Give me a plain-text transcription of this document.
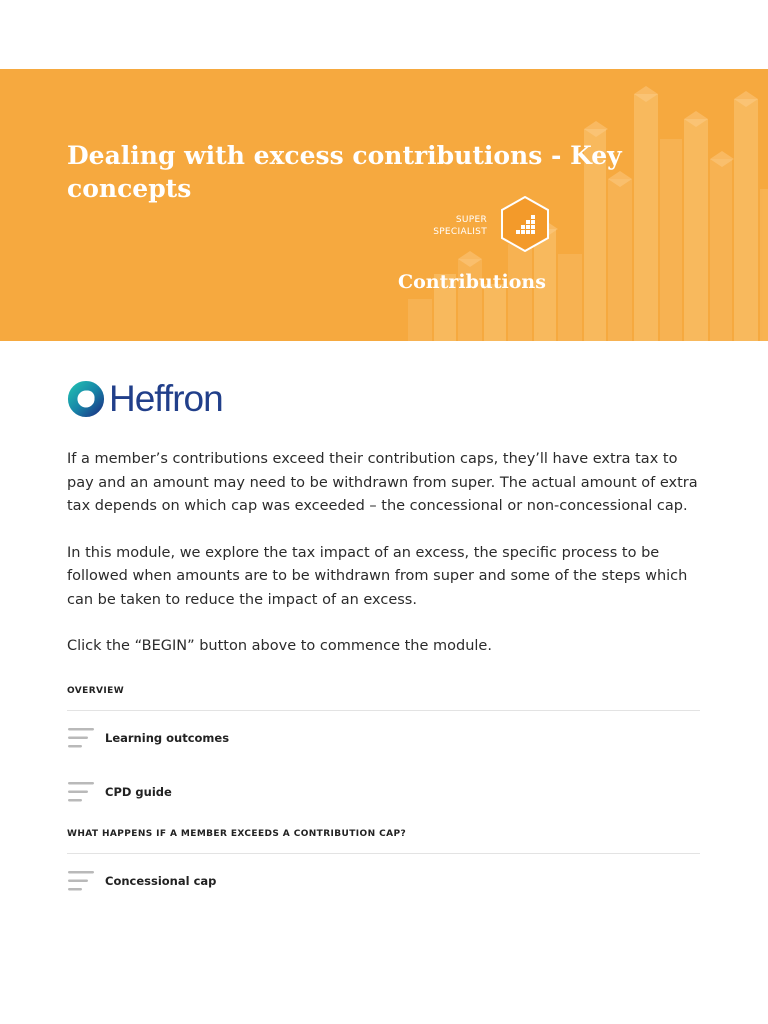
Dealing with excess contributions - Key concepts
SUPER
SPECIALIST
Contributions
Heffron

If a member’s contributions exceed their contribution caps, they’ll have extra tax to pay and an amount may need to be withdrawn from super. The actual amount of extra tax depends on which cap was exceeded – the concessional or non-concessional cap.

In this module, we explore the tax impact of an excess, the specific process to be followed when amounts are to be withdrawn from super and some of the steps which can be taken to reduce the impact of an excess.

Click the “BEGIN” button above to commence the module.

OVERVIEW
Learning outcomes
CPD guide
WHAT HAPPENS IF A MEMBER EXCEEDS A CONTRIBUTION CAP?
Concessional cap
